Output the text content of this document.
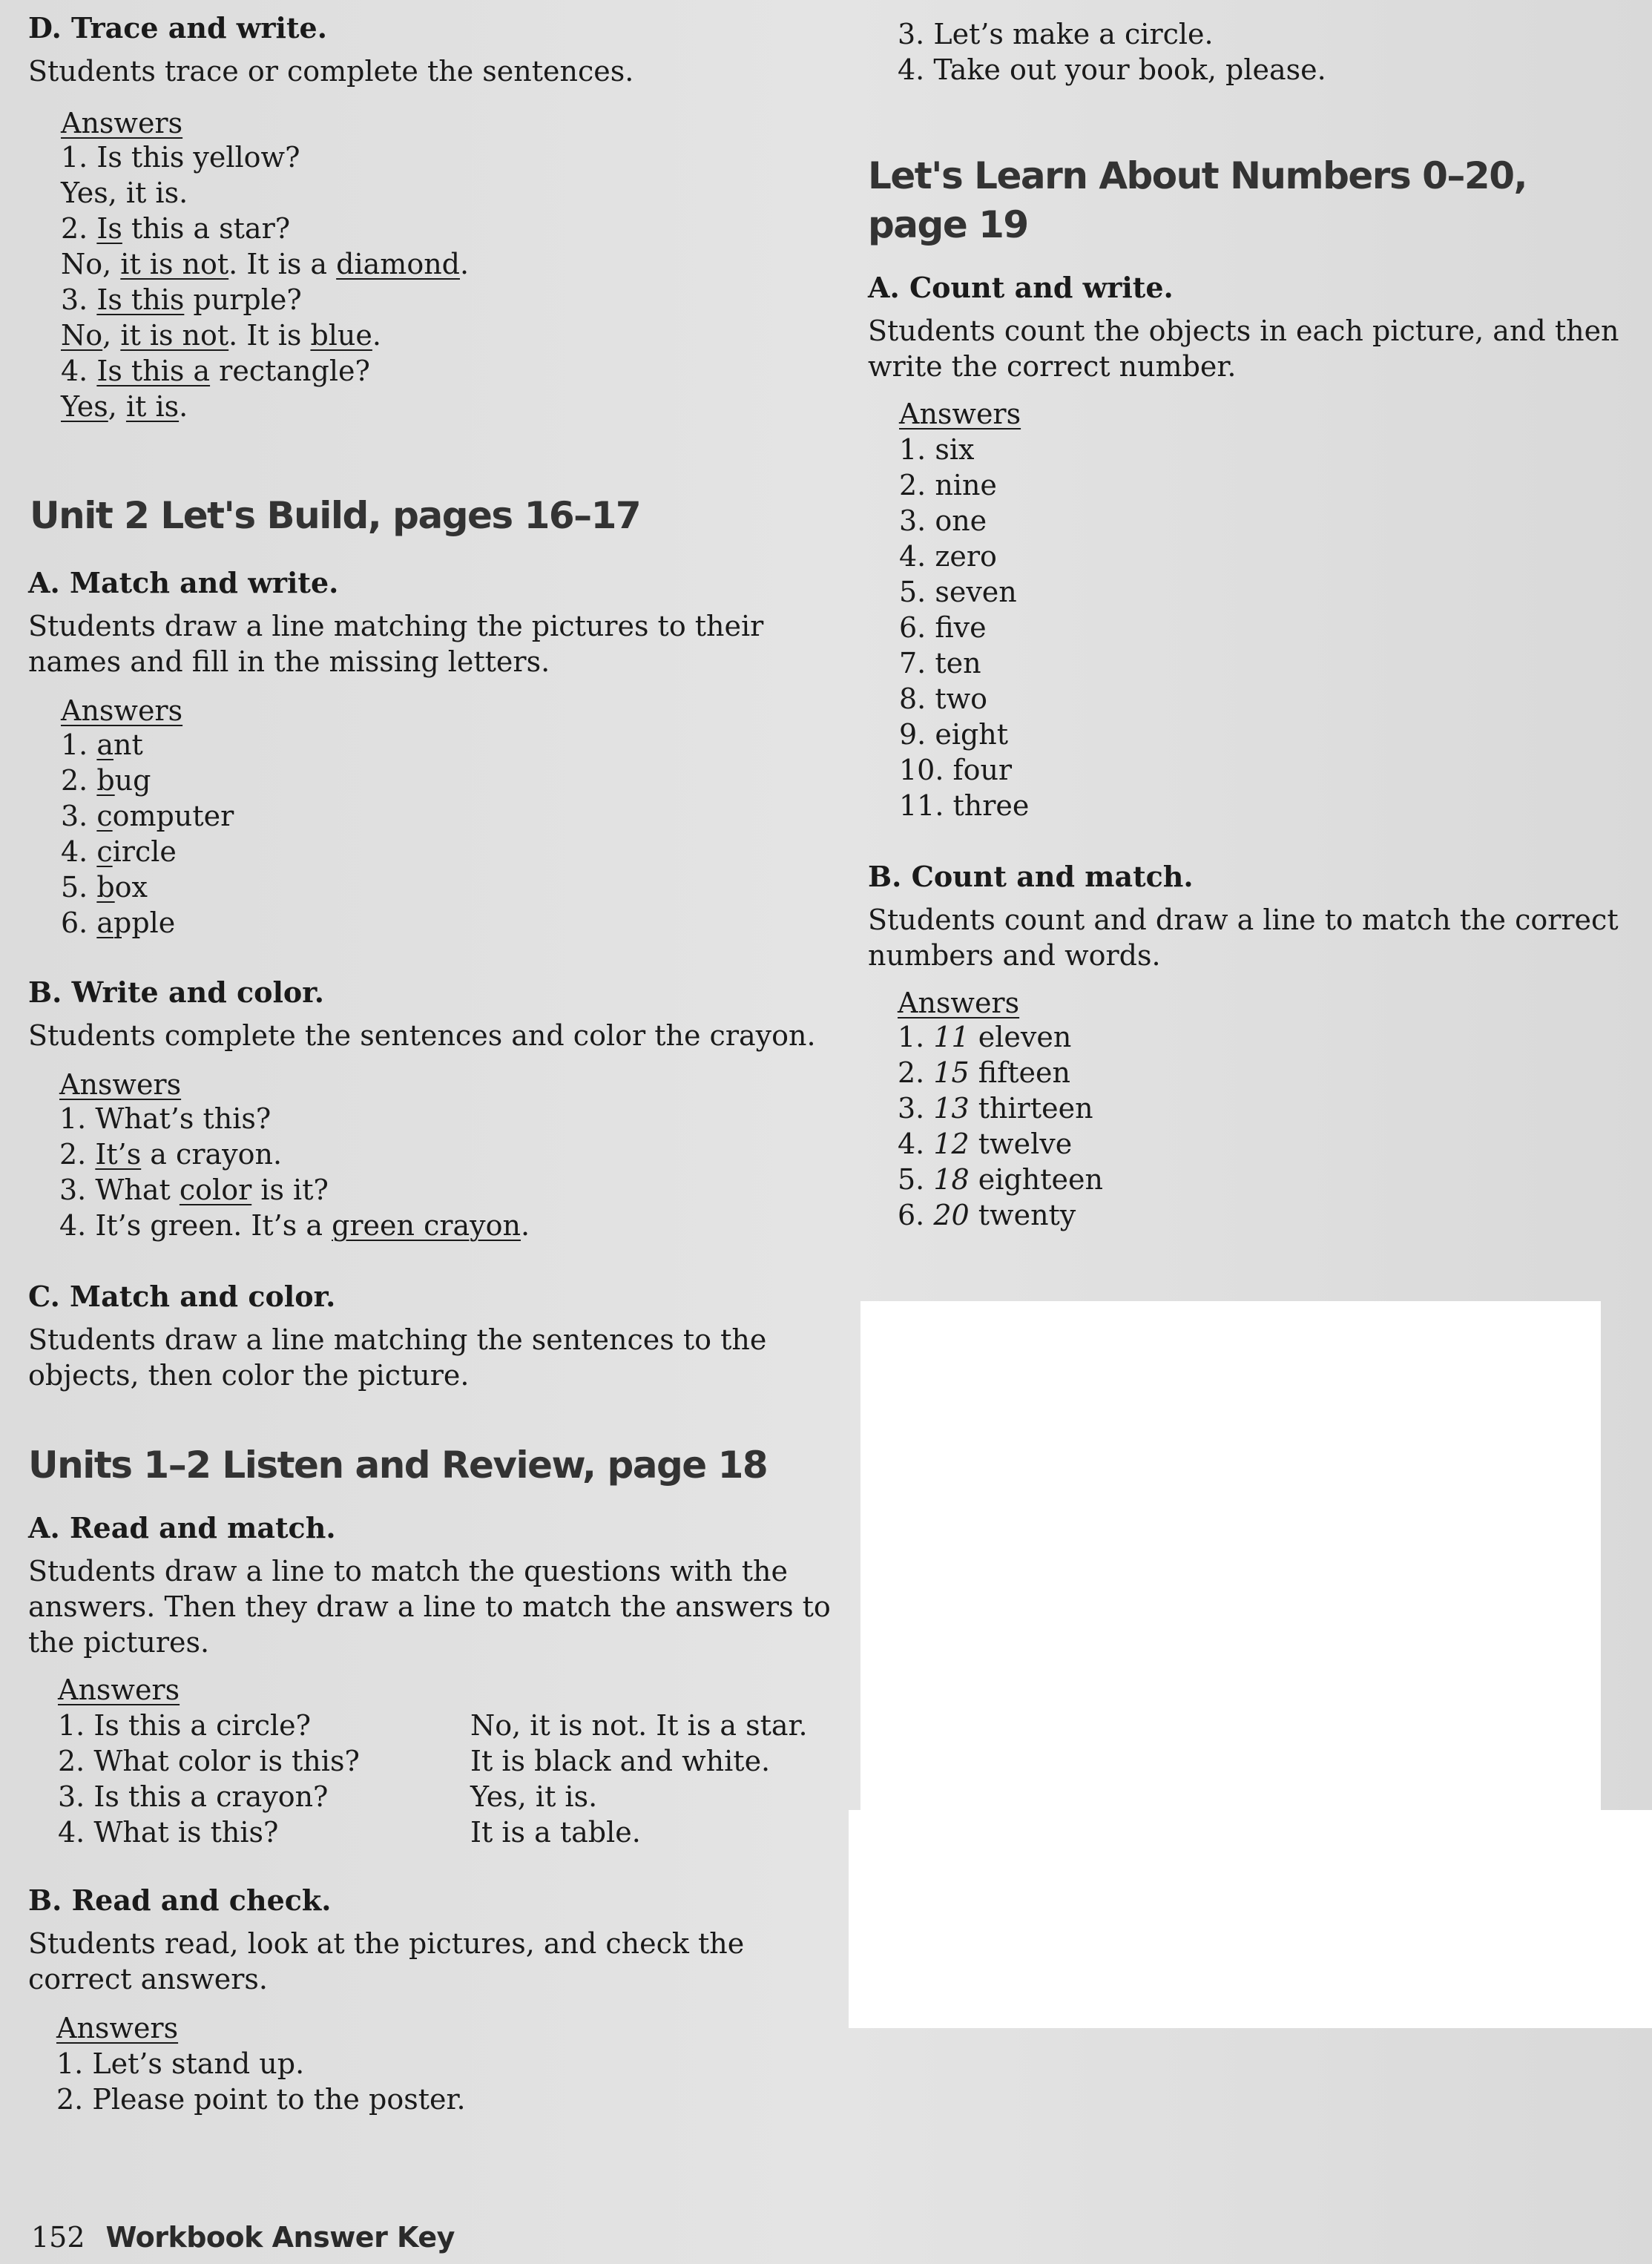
D. Trace and write.
Students trace or complete the sentences.
Answers
1. Is this yellow?
Yes, it is.
2. Is this a star?
No, it is not. It is a diamond.
3. Is this purple?
No, it is not. It is blue.
4. Is this a rectangle?
Yes, it is.
Unit 2 Let's Build, pages 16–17
A. Match and write.
Students draw a line matching the pictures to their
names and fill in the missing letters.
Answers
1. ant
2. bug
3. computer
4. circle
5. box
6. apple
B. Write and color.
Students complete the sentences and color the crayon.
Answers
1. What’s this?
2. It’s a crayon.
3. What color is it?
4. It’s green. It’s a green crayon.
C. Match and color.
Students draw a line matching the sentences to the
objects, then color the picture.
Units 1–2 Listen and Review, page 18
A. Read and match.
Students draw a line to match the questions with the
answers. Then they draw a line to match the answers to
the pictures.
Answers
1. Is this a circle?
2. What color is this?
3. Is this a crayon?
4. What is this?
No, it is not. It is a star.
It is black and white.
Yes, it is.
It is a table.
B. Read and check.
Students read, look at the pictures, and check the
correct answers.
Answers
1. Let’s stand up.
2. Please point to the poster.
3. Let’s make a circle.
4. Take out your book, please.
Let's Learn About Numbers 0–20,
page 19
A. Count and write.
Students count the objects in each picture, and then
write the correct number.
Answers
1. six
2. nine
3. one
4. zero
5. seven
6. five
7. ten
8. two
9. eight
10. four
11. three
B. Count and match.
Students count and draw a line to match the correct
numbers and words.
Answers
1. 11 eleven
2. 15 fifteen
3. 13 thirteen
4. 12 twelve
5. 18 eighteen
6. 20 twenty
152 Workbook Answer Key
